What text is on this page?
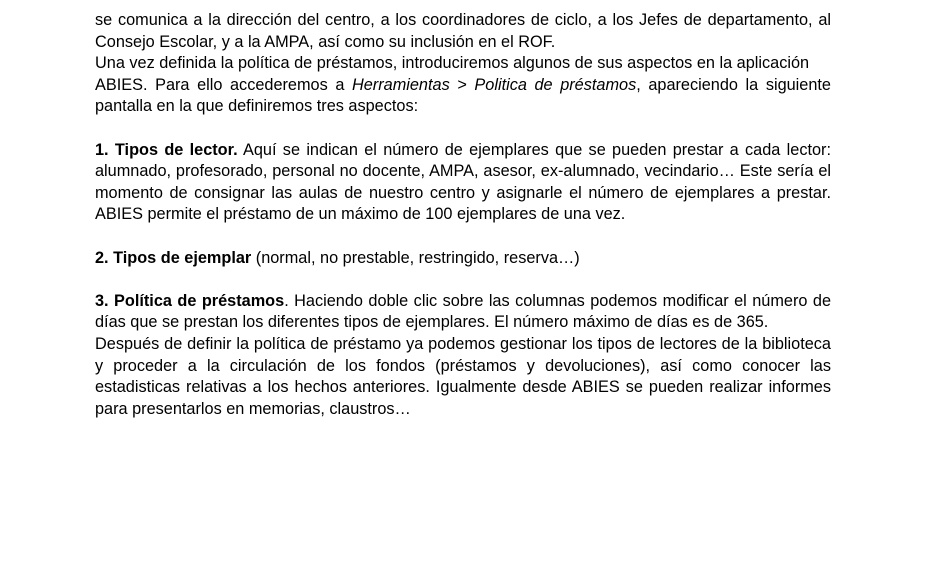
se comunica a la dirección del centro, a los coordinadores de ciclo, a los Jefes de departamento, al Consejo Escolar, y a la AMPA, así como su inclusión en el ROF.

Una vez definida la política de préstamos, introduciremos algunos de sus aspectos en la aplicación

ABIES. Para ello accederemos a Herramientas > Politica de préstamos, apareciendo la siguiente pantalla en la que definiremos tres aspectos:

1. Tipos de lector. Aquí se indican el número de ejemplares que se pueden prestar a cada lector: alumnado, profesorado, personal no docente, AMPA, asesor, ex-alumnado, vecindario… Este sería el momento de consignar las aulas de nuestro centro y asignarle el número de ejemplares a prestar. ABIES permite el préstamo de un máximo de 100 ejemplares de una vez.

2. Tipos de ejemplar (normal, no prestable, restringido, reserva…)

3. Política de préstamos. Haciendo doble clic sobre las columnas podemos modificar el número de días que se prestan los diferentes tipos de ejemplares. El número máximo de días es de 365.

Después de definir la política de préstamo ya podemos gestionar los tipos de lectores de la biblioteca y proceder a la circulación de los fondos (préstamos y devoluciones), así como conocer las estadisticas relativas a los hechos anteriores. Igualmente desde ABIES se pueden realizar informes para presentarlos en memorias, claustros…
